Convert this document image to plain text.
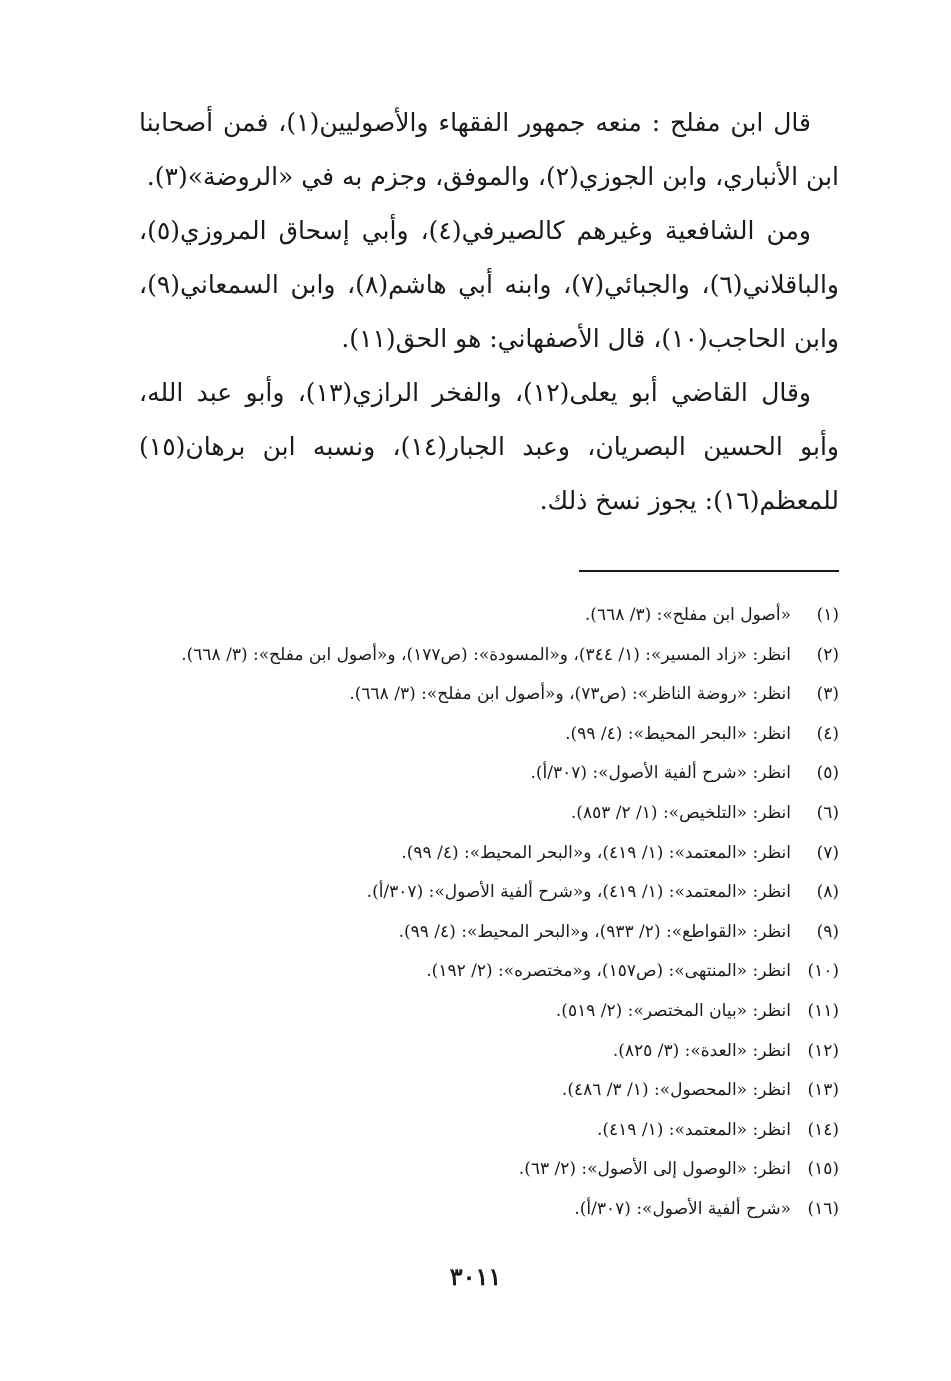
قال ابن مفلح : منعه جمهور الفقهاء والأصوليين(١)، فمن أصحابنا ابن الأنباري، وابن الجوزي(٢)، والموفق، وجزم به في «الروضة»(٣).

ومن الشافعية وغيرهم كالصيرفي(٤)، وأبي إسحاق المروزي(٥)، والباقلاني(٦)، والجبائي(٧)، وابنه أبي هاشم(٨)، وابن السمعاني(٩)، وابن الحاجب(١٠)، قال الأصفهاني: هو الحق(١١).

وقال القاضي أبو يعلى(١٢)، والفخر الرازي(١٣)، وأبو عبد الله، وأبو الحسين البصريان، وعبد الجبار(١٤)، ونسبه ابن برهان(١٥) للمعظم(١٦): يجوز نسخ ذلك.

(١)«أصول ابن مفلح»: (٣/ ٦٦٨).
(٢)انظر: «زاد المسير»: (١/ ٣٤٤)، و«المسودة»: (ص١٧٧)، و«أصول ابن مفلح»: (٣/ ٦٦٨).
(٣)انظر: «روضة الناظر»: (ص٧٣)، و«أصول ابن مفلح»: (٣/ ٦٦٨).
(٤)انظر: «البحر المحيط»: (٤/ ٩٩).
(٥)انظر: «شرح ألفية الأصول»: (٣٠٧/أ).
(٦)انظر: «التلخيص»: (١/ ٢/ ٨٥٣).
(٧)انظر: «المعتمد»: (١/ ٤١٩)، و«البحر المحيط»: (٤/ ٩٩).
(٨)انظر: «المعتمد»: (١/ ٤١٩)، و«شرح ألفية الأصول»: (٣٠٧/أ).
(٩)انظر: «القواطع»: (٢/ ٩٣٣)، و«البحر المحيط»: (٤/ ٩٩).
(١٠)انظر: «المنتهى»: (ص١٥٧)، و«مختصره»: (٢/ ١٩٢).
(١١)انظر: «بيان المختصر»: (٢/ ٥١٩).
(١٢)انظر: «العدة»: (٣/ ٨٢٥).
(١٣)انظر: «المحصول»: (١/ ٣/ ٤٨٦).
(١٤)انظر: «المعتمد»: (١/ ٤١٩).
(١٥)انظر: «الوصول إلى الأصول»: (٢/ ٦٣).
(١٦)«شرح ألفية الأصول»: (٣٠٧/أ).
٣٠١١
